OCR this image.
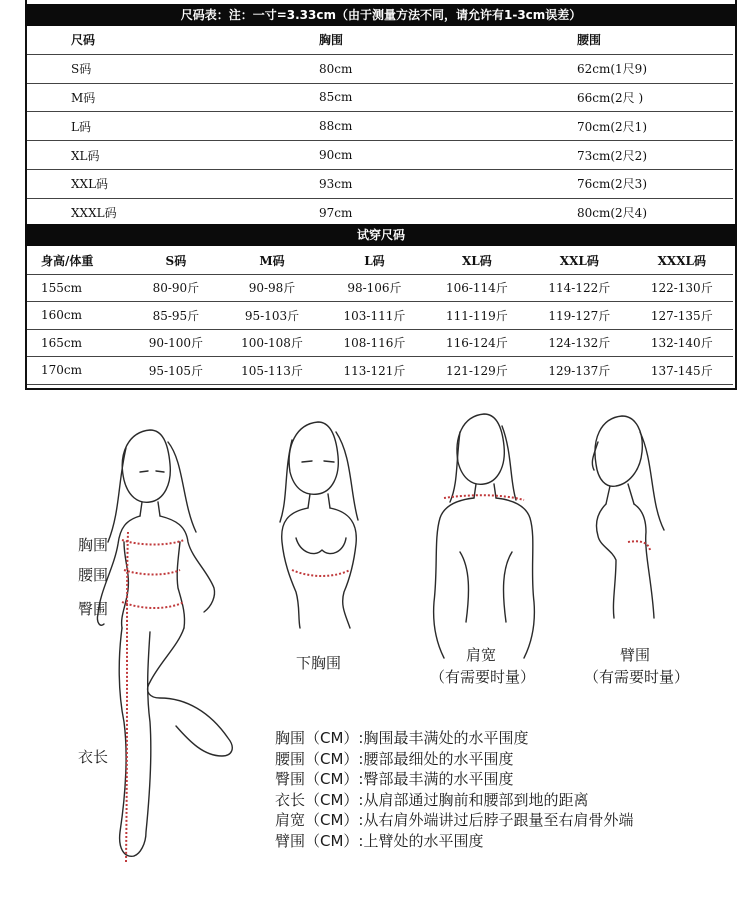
尺码表：注：一寸=3.33cm（由于测量方法不同，请允许有1-3cm误差）
尺码	胸围	腰围
S码	80cm	62cm(1尺9)
M码	85cm	66cm(2尺 )
L码	88cm	70cm(2尺1)
XL码	90cm	73cm(2尺2)
XXL码	93cm	76cm(2尺3)
XXXL码	97cm	80cm(2尺4)
试穿尺码
身高/体重	S码	M码	L码	XL码	XXL码	XXXL码
155cm	80-90斤	90-98斤	98-106斤	106-114斤	114-122斤	122-130斤
160cm	85-95斤	95-103斤	103-111斤	111-119斤	119-127斤	127-135斤
165cm	90-100斤	100-108斤	108-116斤	116-124斤	124-132斤	132-140斤
170cm	95-105斤	105-113斤	113-121斤	121-129斤	129-137斤	137-145斤
胸围
腰围
臀围
衣长
下胸围	肩宽
（有需要时量）
臂围
（有需要时量）
胸围（CM）:胸围最丰满处的水平围度
腰围（CM）:腰部最细处的水平围度
臀围（CM）:臀部最丰满的水平围度
衣长（CM）:从肩部通过胸前和腰部到地的距离
肩宽（CM）:从右肩外端讲过后脖子跟量至右肩骨外端
臂围（CM）:上臂处的水平围度
